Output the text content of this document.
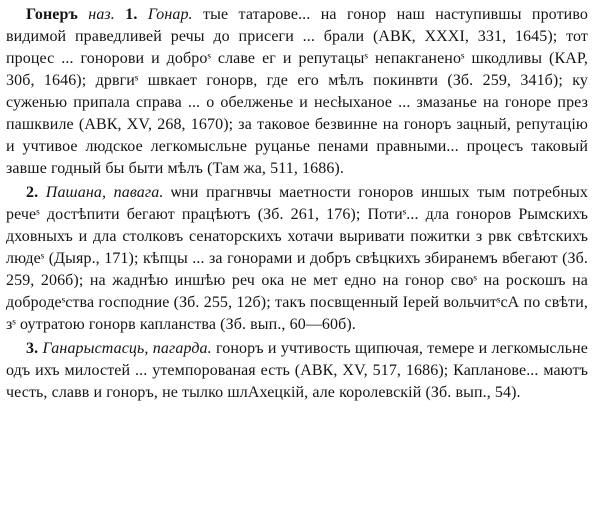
Гонеръ наз. 1. Гонар. тые татарове... на гонор наш наступившы противо видимой праведливей речы до присеги ... брали (АВК, ХХХІ, 331, 1645); тот процес ... гонорови и доброˢ славе ег и репутацыˢ непакганеноˢ шкодливы (КАР, 30б, 1646); дрвгиˢ швкает гонорв, где его мѣлъ покинвти (Зб. 259, 341б); ку суженью припала справа ... о обелженье и несłыханое ... змазанье на гоноре през пашквиле (АВК, XV, 268, 1670); за таковое безвинне на гоноръ зацный, репутацію и учтивое людское легкомысльне руцанье пенами правными... процесъ таковый завше годный бы быти мѣлъ (Там жа, 511, 1686).

2. Пашана, павага. ѡни прагнвчы маетности гоноров иншых тым потребных речеˢ достѣпити бегают працѣютъ (Зб. 261, 176); Потиˢ... дла гоноров Рымскихъ дховныхъ и дла столковъ сенаторскихъ хотачи выривати пожитки з рвк свѣтскихъ людеˢ (Дыяр., 171); кѣпцы ... за гонорами и добръ свѣцкихъ збиранемъ вбегают (Зб. 259, 206б); на жаднѣю иншѣю реч ока не мет едно на гонор своˢ на роскошъ на добродеˢства господние (Зб. 255, 12б); такъ посвщенный Іерей вольчитˢсА по свѣти, зˢ оутратою гонорв капланства (Зб. вып., 60—60б).

3. Ганарыстасць, пагарда. гоноръ и учтивость щипючая, темере и легкомысльне одъ ихъ милостей ... утемпорованая есть (АВК, XV, 517, 1686); Капланове... маютъ честь, славв и гоноръ, не тылко шлАхецкій, але королевскій (Зб. вып., 54).
